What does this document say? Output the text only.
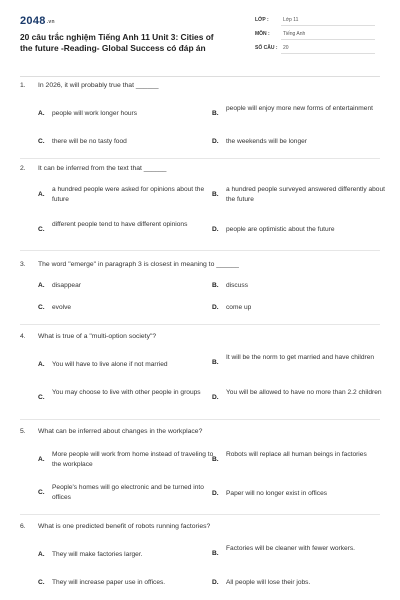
2048.vn
20 câu trắc nghiệm Tiếng Anh 11 Unit 3: Cities of the future -Reading- Global Success có đáp án
LỚP :	Lớp 11
MÔN :	Tiếng Anh
SỐ CÂU : 20
1. In 2026, it will probably true that ______
A. people will work longer hours	B.
people will enjoy more new forms of entertainment
C. there will be no tasty food	D. the weekends will be longer
2. It can be inferred from the text that ______
A.
a hundred people were asked for opinions about the future
B.
a hundred people surveyed answered differently about the future
C.
different people tend to have different opinions
D. people are optimistic about the future
3. The word "emerge" in paragraph 3 is closest in meaning to ______
A. disappear	B. discuss
C. evolve	D. come up
4. What is true of a "multi-option society"?
A. You will have to live alone if not married	B.
It will be the norm to get married and have children
C.
You may choose to live with other people in groups
D.
You will be allowed to have no more than 2.2 children
5. What can be inferred about changes in the workplace?
A.
More people will work from home instead of traveling to the workplace
B.
Robots will replace all human beings in factories
C.
People's homes will go electronic and be turned into offices
D. Paper will no longer exist in offices
6. What is one predicted benefit of robots running factories?
A. They will make factories larger.	B.
Factories will be cleaner with fewer workers.
C. They will increase paper use in offices.	D. All people will lose their jobs.
